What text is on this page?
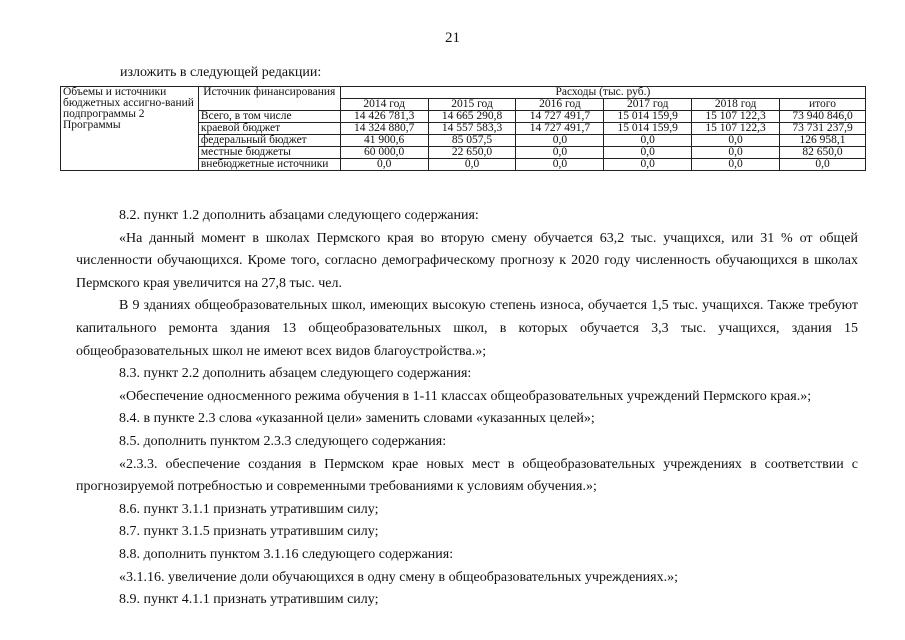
21
изложить в следующей редакции:
Объемы и источники бюджетных ассигно-ваний подпрограммы 2 Программы	Источник финансирования	Расходы (тыс. руб.)					
		2014 год	2015 год	2016 год	2017 год	2018 год	итого
	Всего, в том числе	14 426 781,3	14 665 290,8	14 727 491,7	15 014 159,9	15 107 122,3	73 940 846,0
	краевой бюджет	14 324 880,7	14 557 583,3	14 727 491,7	15 014 159,9	15 107 122,3	73 731 237,9
	федеральный бюджет	41 900,6	85 057,5	0,0	0,0	0,0	126 958,1
	местные бюджеты	60 000,0	22 650,0	0,0	0,0	0,0	82 650,0
	внебюджетные источники	0,0	0,0	0,0	0,0	0,0	0,0

8.2. пункт 1.2 дополнить абзацами следующего содержания:

«На данный момент в школах Пермского края во вторую смену обучается 63,2 тыс. учащихся, или 31 % от общей численности обучающихся. Кроме того, согласно демографическому прогнозу к 2020 году численность обучающихся в школах Пермского края увеличится на 27,8 тыс. чел.

В 9 зданиях общеобразовательных школ, имеющих высокую степень износа, обучается 1,5 тыс. учащихся. Также требуют капитального ремонта здания 13 общеобразовательных школ, в которых обучается 3,3 тыс. учащихся, здания 15 общеобразовательных школ не имеют всех видов благоустройства.»;

8.3. пункт 2.2 дополнить абзацем следующего содержания:

«Обеспечение односменного режима обучения в 1-11 классах общеобразовательных учреждений Пермского края.»;

8.4. в пункте 2.3 слова «указанной цели» заменить словами «указанных целей»;

8.5. дополнить пунктом 2.3.3 следующего содержания:

«2.3.3. обеспечение создания в Пермском крае новых мест в общеобразовательных учреждениях в соответствии с прогнозируемой потребностью и современными требованиями к условиям обучения.»;

8.6. пункт 3.1.1 признать утратившим силу;

8.7. пункт 3.1.5 признать утратившим силу;

8.8. дополнить пунктом 3.1.16 следующего содержания:

«3.1.16. увеличение доли обучающихся в одну смену в общеобразовательных учреждениях.»;

8.9. пункт 4.1.1 признать утратившим силу;
